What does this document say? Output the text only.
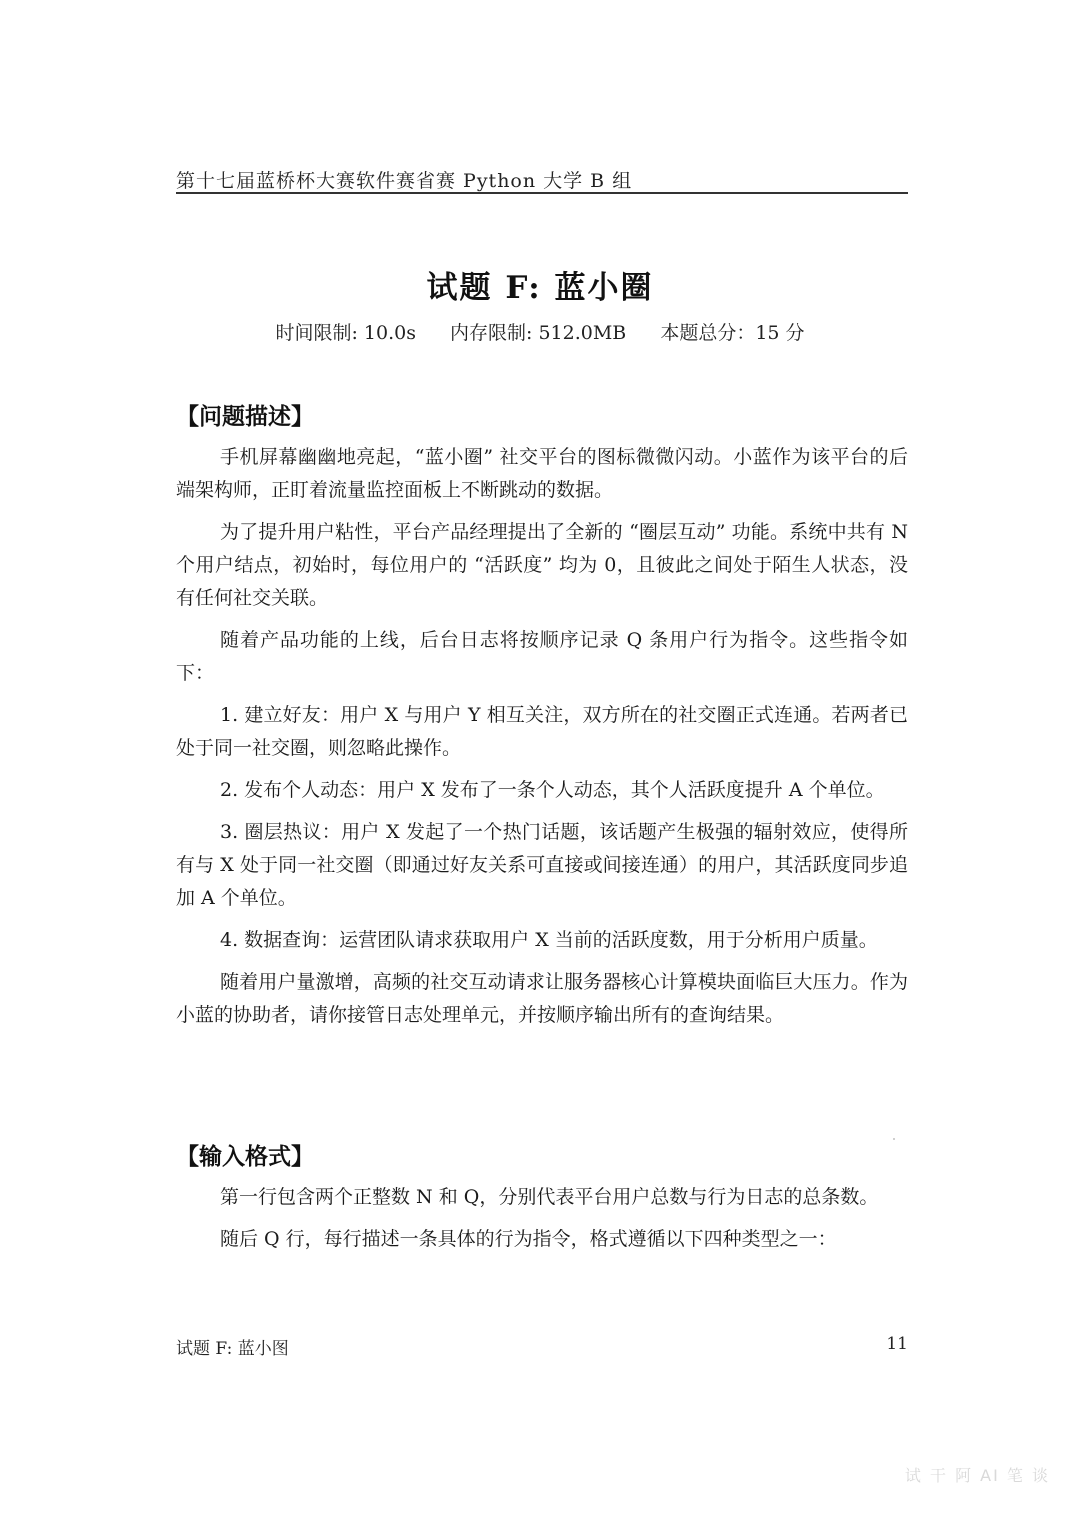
第十七届蓝桥杯大赛软件赛省赛 Python 大学 B 组
试题 F: 蓝小圈
时间限制: 10.0s 内存限制: 512.0MB 本题总分：15 分
【问题描述】

手机屏幕幽幽地亮起，“蓝小圈” 社交平台的图标微微闪动。小蓝作为该平台的后端架构师，正盯着流量监控面板上不断跳动的数据。

为了提升用户粘性，平台产品经理提出了全新的 “圈层互动” 功能。系统中共有 N 个用户结点，初始时，每位用户的 “活跃度” 均为 0，且彼此之间处于陌生人状态，没有任何社交关联。

随着产品功能的上线，后台日志将按顺序记录 Q 条用户行为指令。这些指令如下：

1. 建立好友：用户 X 与用户 Y 相互关注，双方所在的社交圈正式连通。若两者已处于同一社交圈，则忽略此操作。

2. 发布个人动态：用户 X 发布了一条个人动态，其个人活跃度提升 A 个单位。

3. 圈层热议：用户 X 发起了一个热门话题，该话题产生极强的辐射效应，使得所有与 X 处于同一社交圈（即通过好友关系可直接或间接连通）的用户，其活跃度同步追加 A 个单位。

4. 数据查询：运营团队请求获取用户 X 当前的活跃度数，用于分析用户质量。

随着用户量激增，高频的社交互动请求让服务器核心计算模块面临巨大压力。作为小蓝的协助者，请你接管日志处理单元，并按顺序输出所有的查询结果。

【输入格式】

第一行包含两个正整数 N 和 Q，分别代表平台用户总数与行为日志的总条数。

随后 Q 行，每行描述一条具体的行为指令，格式遵循以下四种类型之一：

试题 F: 蓝小图	11
试 干 阿 AI 笔 谈
